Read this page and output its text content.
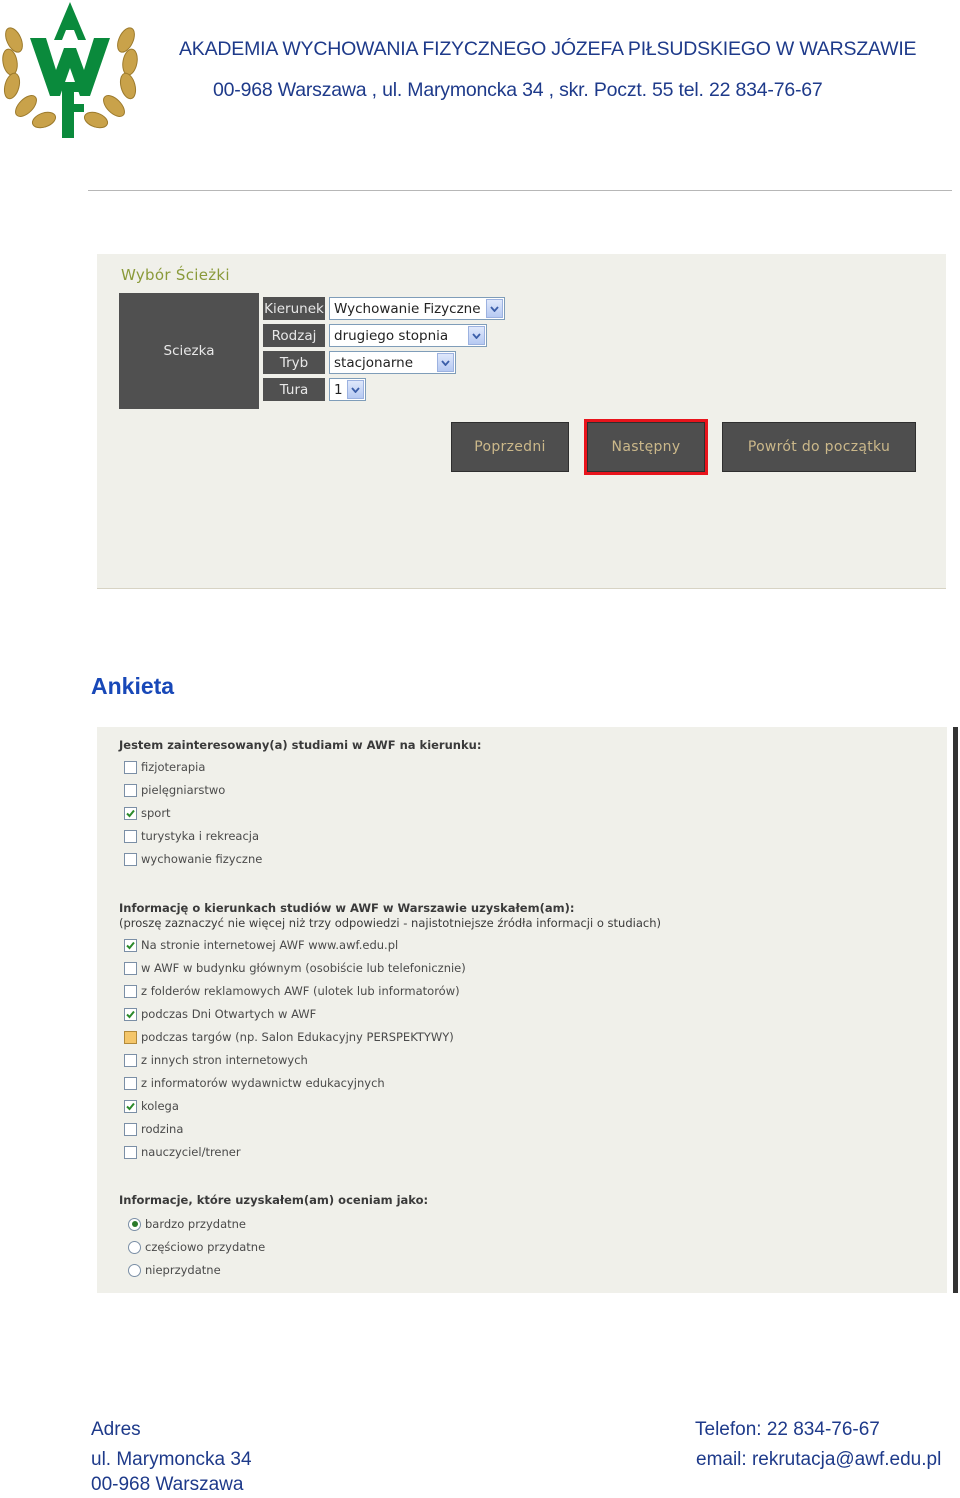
AKADEMIA WYCHOWANIA FIZYCZNEGO JÓZEFA PIŁSUDSKIEGO W WARSZAWIE
00-968 Warszawa , ul. Marymoncka 34 , skr. Poczt. 55 tel. 22 834-76-67
Wybór Ścieżki
Sciezka
Kierunek Wychowanie Fizyczne
Rodzaj	drugiego stopnia
Tryb	stacjonarne
Tura	1
Poprzedni	Następny	Powrót do początku
Ankieta
Jestem zainteresowany(a) studiami w AWF na kierunku:
fizjoterapia
pielęgniarstwo
sport
turystyka i rekreacja
wychowanie fizyczne
Informację o kierunkach studiów w AWF w Warszawie uzyskałem(am):
(proszę zaznaczyć nie więcej niż trzy odpowiedzi - najistotniejsze źródła informacji o studiach)
Na stronie internetowej AWF www.awf.edu.pl
w AWF w budynku głównym (osobiście lub telefonicznie)
z folderów reklamowych AWF (ulotek lub informatorów)
podczas Dni Otwartych w AWF
podczas targów (np. Salon Edukacyjny PERSPEKTYWY)
z innych stron internetowych
z informatorów wydawnictw edukacyjnych
kolega
rodzina
nauczyciel/trener
Informacje, które uzyskałem(am) oceniam jako:
bardzo przydatne
częściowo przydatne
nieprzydatne
Adres
ul. Marymoncka 34
00-968 Warszawa
Telefon: 22 834-76-67
email: rekrutacja@awf.edu.pl
